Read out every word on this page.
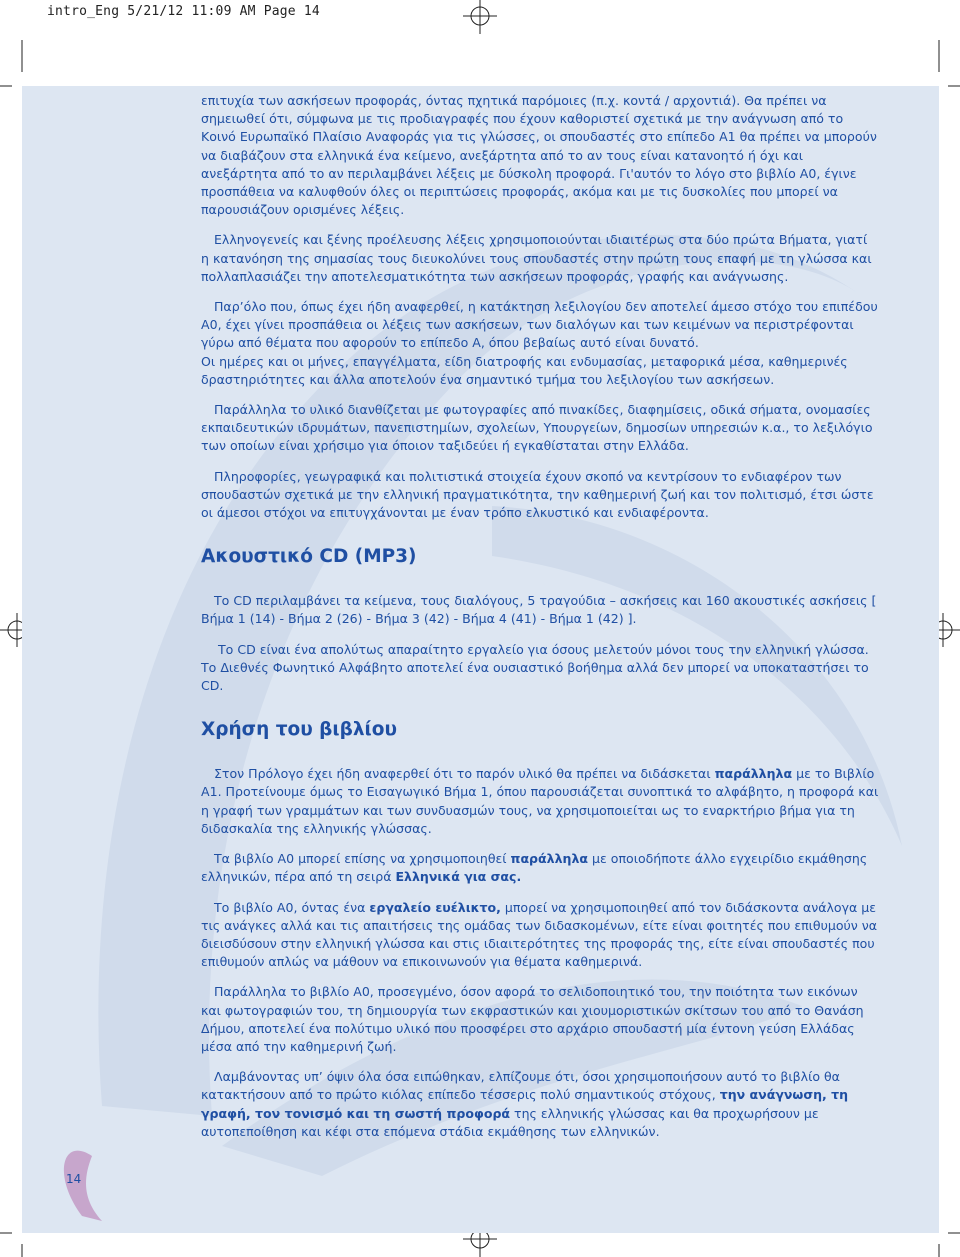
intro_Eng 5/21/12 11:09 AM Page 14

επιτυχία των ασκήσεων προφοράς, όντας πχητικά παρόμοιες (π.χ. κοντά / αρχοντιά). Θα πρέπει να σημειωθεί ότι, σύμφωνα με τις προδιαγραφές που έχουν καθοριστεί σχετικά με την ανάγνωση από το Κοινό Ευρωπαϊκό Πλαίσιο Αναφοράς για τις γλώσσες, οι σπουδαστές στο επίπεδο Α1 θα πρέπει να μπορούν να διαβάζουν στα ελληνικά ένα κείμενο, ανεξάρτητα από το αν τους είναι κατανοητό ή όχι και ανεξάρτητα από το αν περιλαμβάνει λέξεις με δύσκολη προφορά. Γι'αυτόν το λόγο στο βιβλίο Α0, έγινε προσπάθεια να καλυφθούν όλες οι περιπτώσεις προφοράς, ακόμα και με τις δυσκολίες που μπορεί να παρουσιάζουν ορισμένες λέξεις.

Ελληνογενείς και ξένης προέλευσης λέξεις χρησιμοποιούνται ιδιαιτέρως στα δύο πρώτα Βήματα, γιατί η κατανόηση της σημασίας τους διευκολύνει τους σπουδαστές στην πρώτη τους επαφή με τη γλώσσα και πολλαπλασιάζει την αποτελεσματικότητα των ασκήσεων προφοράς, γραφής και ανάγνωσης.

Παρ’όλο που, όπως έχει ήδη αναφερθεί, η κατάκτηση λεξιλογίου δεν αποτελεί άμεσο στόχο του επιπέδου Α0, έχει γίνει προσπάθεια οι λέξεις των ασκήσεων, των διαλόγων και των κειμένων να περιστρέφονται γύρω από θέματα που αφορούν το επίπεδο Α, όπου βεβαίως αυτό είναι δυνατό.

Οι ημέρες και οι μήνες, επαγγέλματα, είδη διατροφής και ενδυμασίας, μεταφορικά μέσα, καθημερινές δραστηριότητες και άλλα αποτελούν ένα σημαντικό τμήμα του λεξιλογίου των ασκήσεων.

Παράλληλα το υλικό διανθίζεται με φωτογραφίες από πινακίδες, διαφημίσεις, οδικά σήματα, ονομασίες εκπαιδευτικών ιδρυμάτων, πανεπιστημίων, σχολείων, Υπουργείων, δημοσίων υπηρεσιών κ.α., το λεξιλόγιο των οποίων είναι χρήσιμο για όποιον ταξιδεύει ή εγκαθίσταται στην Ελλάδα.

Πληροφορίες, γεωγραφικά και πολιτιστικά στοιχεία έχουν σκοπό να κεντρίσουν το ενδιαφέρον των σπουδαστών σχετικά με την ελληνική πραγματικότητα, την καθημερινή ζωή και τον πολιτισμό, έτσι ώστε οι άμεσοι στόχοι να επιτυγχάνονται με έναν τρόπο ελκυστικό και ενδιαφέροντα.

Ακουστικό CD (MP3)

Το CD περιλαμβάνει τα κείμενα, τους διαλόγους, 5 τραγούδια – ασκήσεις και 160 ακουστικές ασκήσεις [ Βήμα 1 (14) - Βήμα 2 (26) - Βήμα 3 (42) - Βήμα 4 (41) - Βήμα 1 (42) ].

Το CD είναι ένα απολύτως απαραίτητο εργαλείο για όσους μελετούν μόνοι τους την ελληνική γλώσσα. Το Διεθνές Φωνητικό Αλφάβητο αποτελεί ένα ουσιαστικό βοήθημα αλλά δεν μπορεί να υποκαταστήσει το CD.

Χρήση του βιβλίου

Στον Πρόλογο έχει ήδη αναφερθεί ότι το παρόν υλικό θα πρέπει να διδάσκεται παράλληλα με το Βιβλίο Α1. Προτείνουμε όμως το Εισαγωγικό Βήμα 1, όπου παρουσιάζεται συνοπτικά το αλφάβητο, η προφορά και η γραφή των γραμμάτων και των συνδυασμών τους, να χρησιμοποιείται ως το εναρκτήριο βήμα για τη διδασκαλία της ελληνικής γλώσσας.

Τα βιβλίο Α0 μπορεί επίσης να χρησιμοποιηθεί παράλληλα με οποιοδήποτε άλλο εγχειρίδιο εκμάθησης ελληνικών, πέρα από τη σειρά Ελληνικά για σας.

Το βιβλίο Α0, όντας ένα εργαλείο ευέλικτο, μπορεί να χρησιμοποιηθεί από τον διδάσκοντα ανάλογα με τις ανάγκες αλλά και τις απαιτήσεις της ομάδας των διδασκομένων, είτε είναι φοιτητές που επιθυμούν να διεισδύσουν στην ελληνική γλώσσα και στις ιδιαιτερότητες της προφοράς της, είτε είναι σπουδαστές που επιθυμούν απλώς να μάθουν να επικοινωνούν για θέματα καθημερινά.

Παράλληλα το βιβλίο Α0, προσεγμένο, όσον αφορά το σελιδοποιητικό του, την ποιότητα των εικόνων και φωτογραφιών του, τη δημιουργία των εκφραστικών και χιουμοριστικών σκίτσων του από το Θανάση Δήμου, αποτελεί ένα πολύτιμο υλικό που προσφέρει στο αρχάριο σπουδαστή μία έντονη γεύση Ελλάδας μέσα από την καθημερινή ζωή.

Λαμβάνοντας υπ’ όψιν όλα όσα ειπώθηκαν, ελπίζουμε ότι, όσοι χρησιμοποιήσουν αυτό το βιβλίο θα κατακτήσουν από το πρώτο κιόλας επίπεδο τέσσερις πολύ σημαντικούς στόχους, την ανάγνωση, τη γραφή, τον τονισμό και τη σωστή προφορά της ελληνικής γλώσσας και θα προχωρήσουν με αυτοπεποίθηση και κέφι στα επόμενα στάδια εκμάθησης των ελληνικών.

14
